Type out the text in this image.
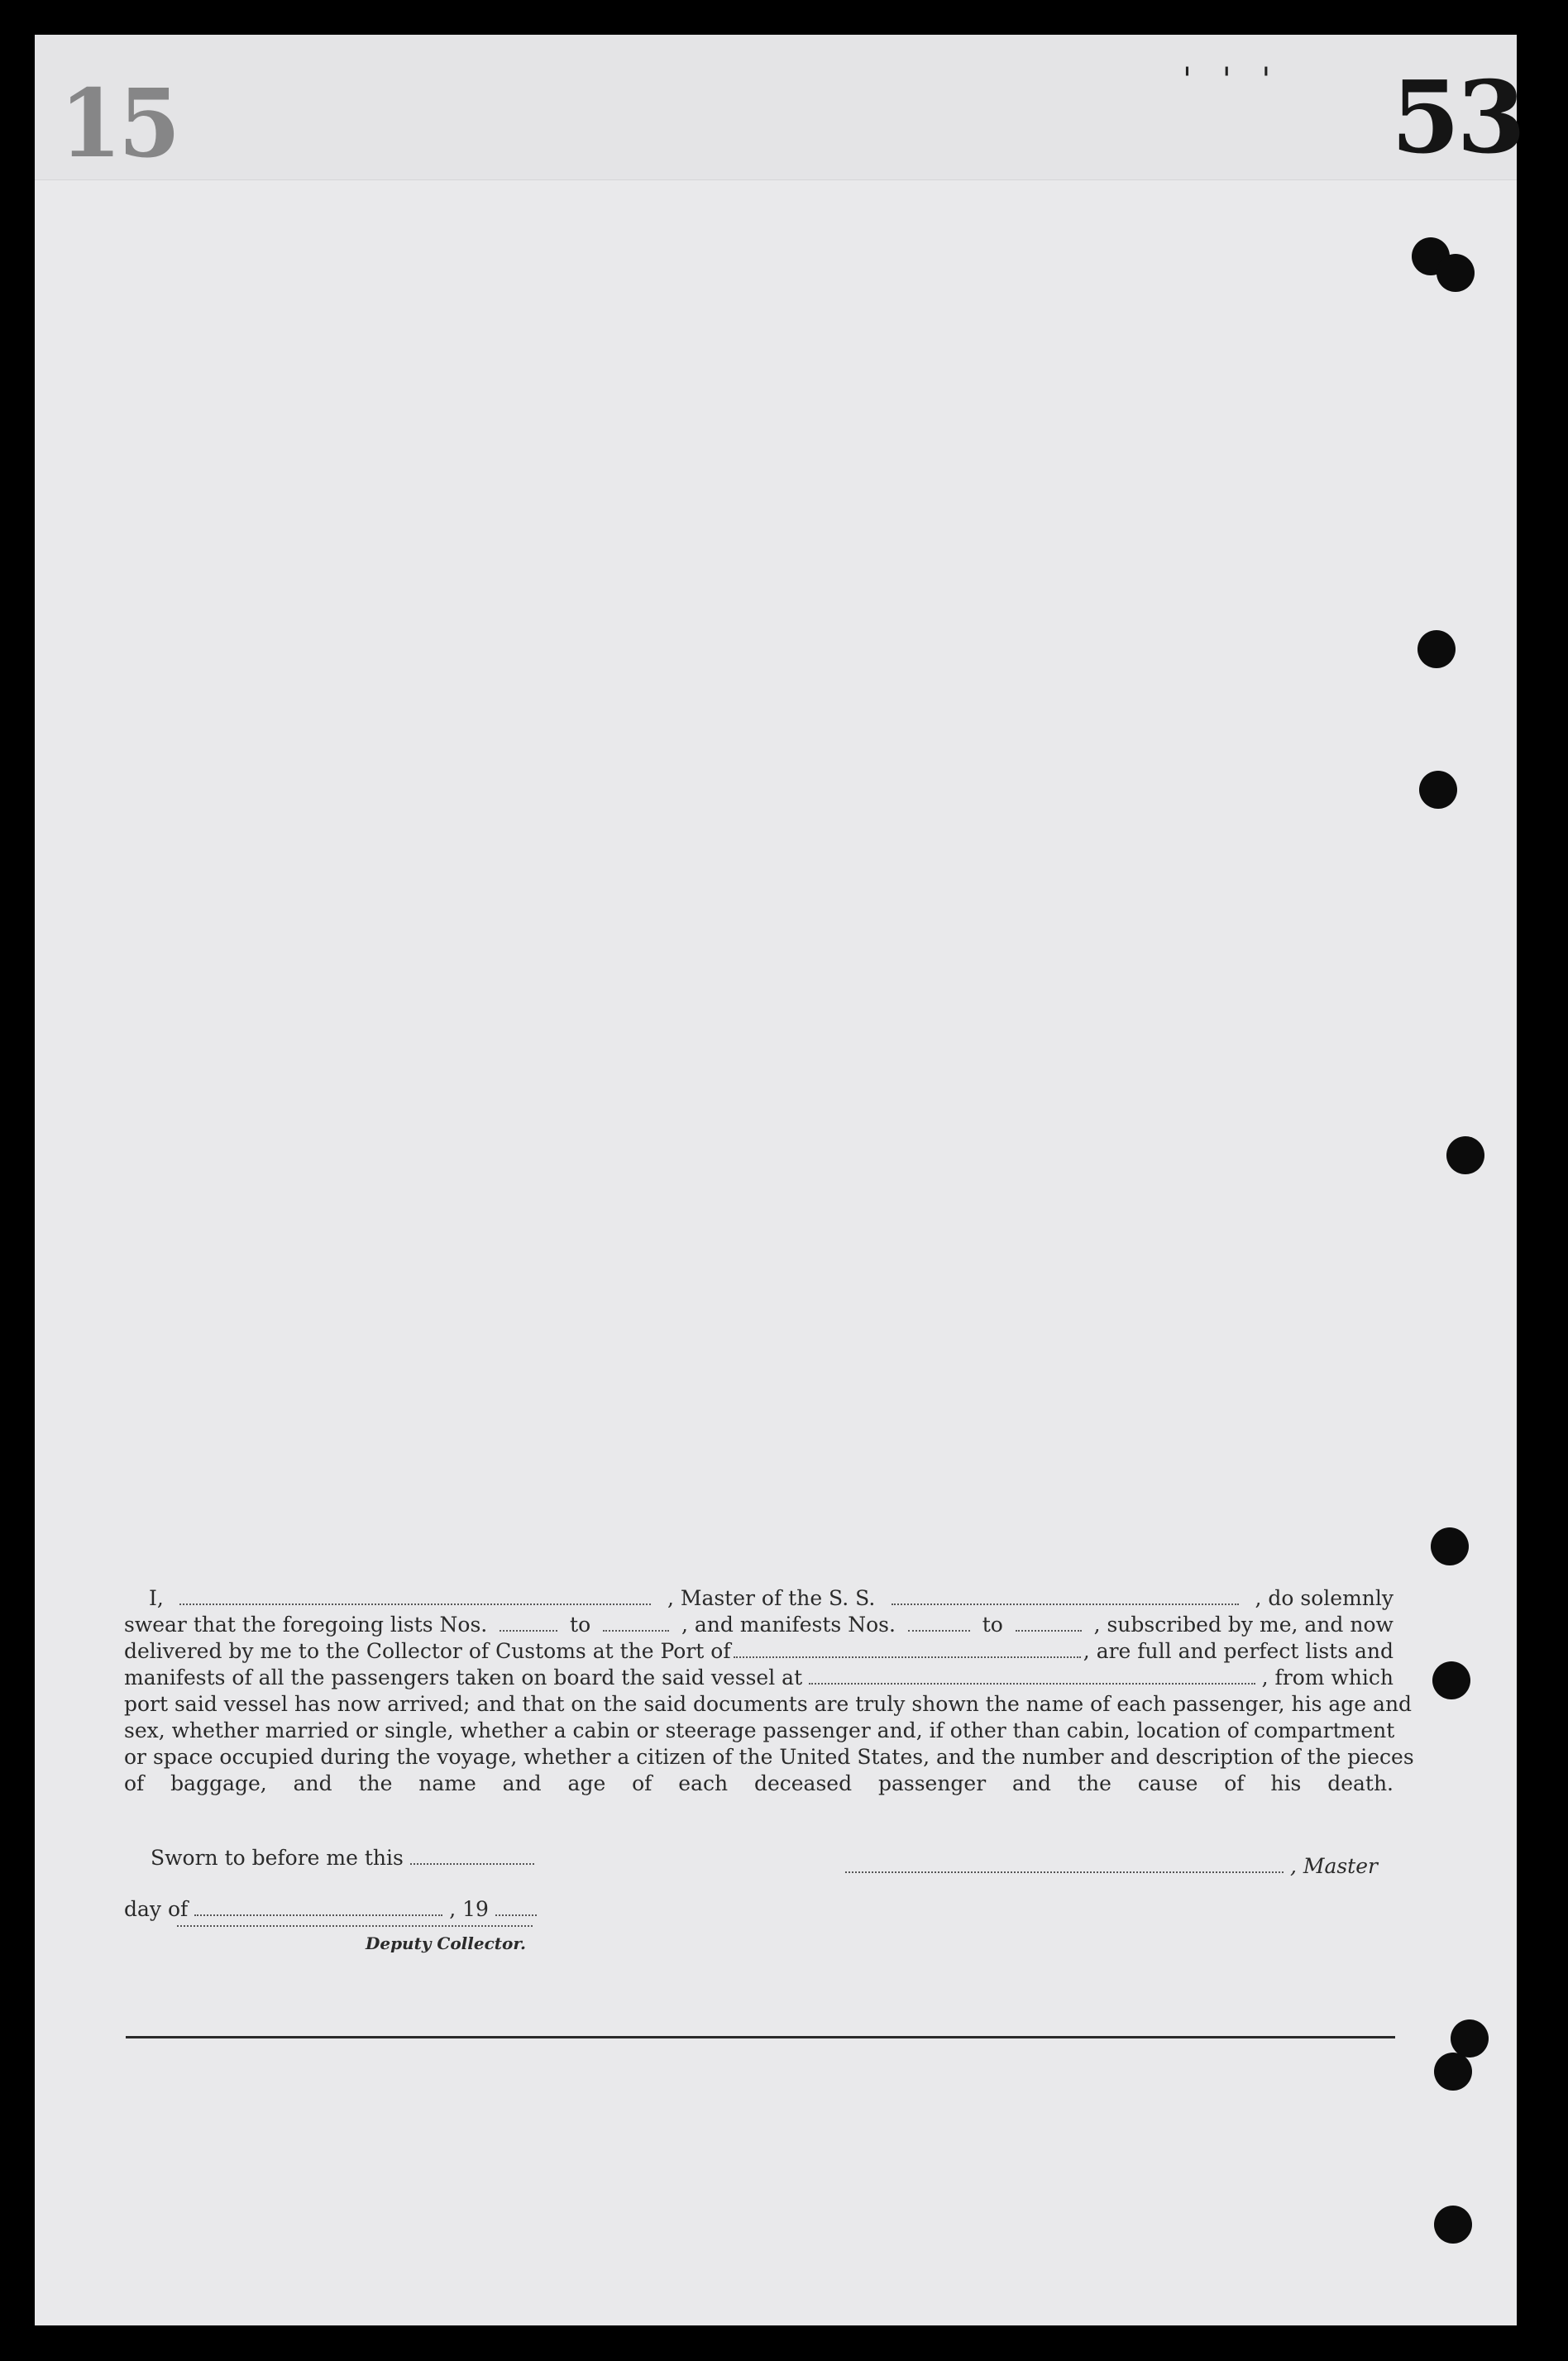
15	' ' ' 53
I,	, Master of the S. S.	, do solemnly
swear that the foregoing lists Nos.	to	, and manifests Nos.	to	, subscribed by me, and now
delivered by me to the Collector of Customs at the Port of	, are full and perfect lists and
manifests of all the passengers taken on board the said vessel at	, from which
port said vessel has now arrived; and that on the said documents are truly shown the name of each passenger, his age and
sex, whether married or single, whether a cabin or steerage passenger and, if other than cabin, location of compartment
or space occupied during the voyage, whether a citizen of the United States, and the number and description of the pieces
of baggage, and the name and age of each deceased passenger and the cause of his death.
Sworn to before me this	, Master
day of	, 19
Deputy Collector.
